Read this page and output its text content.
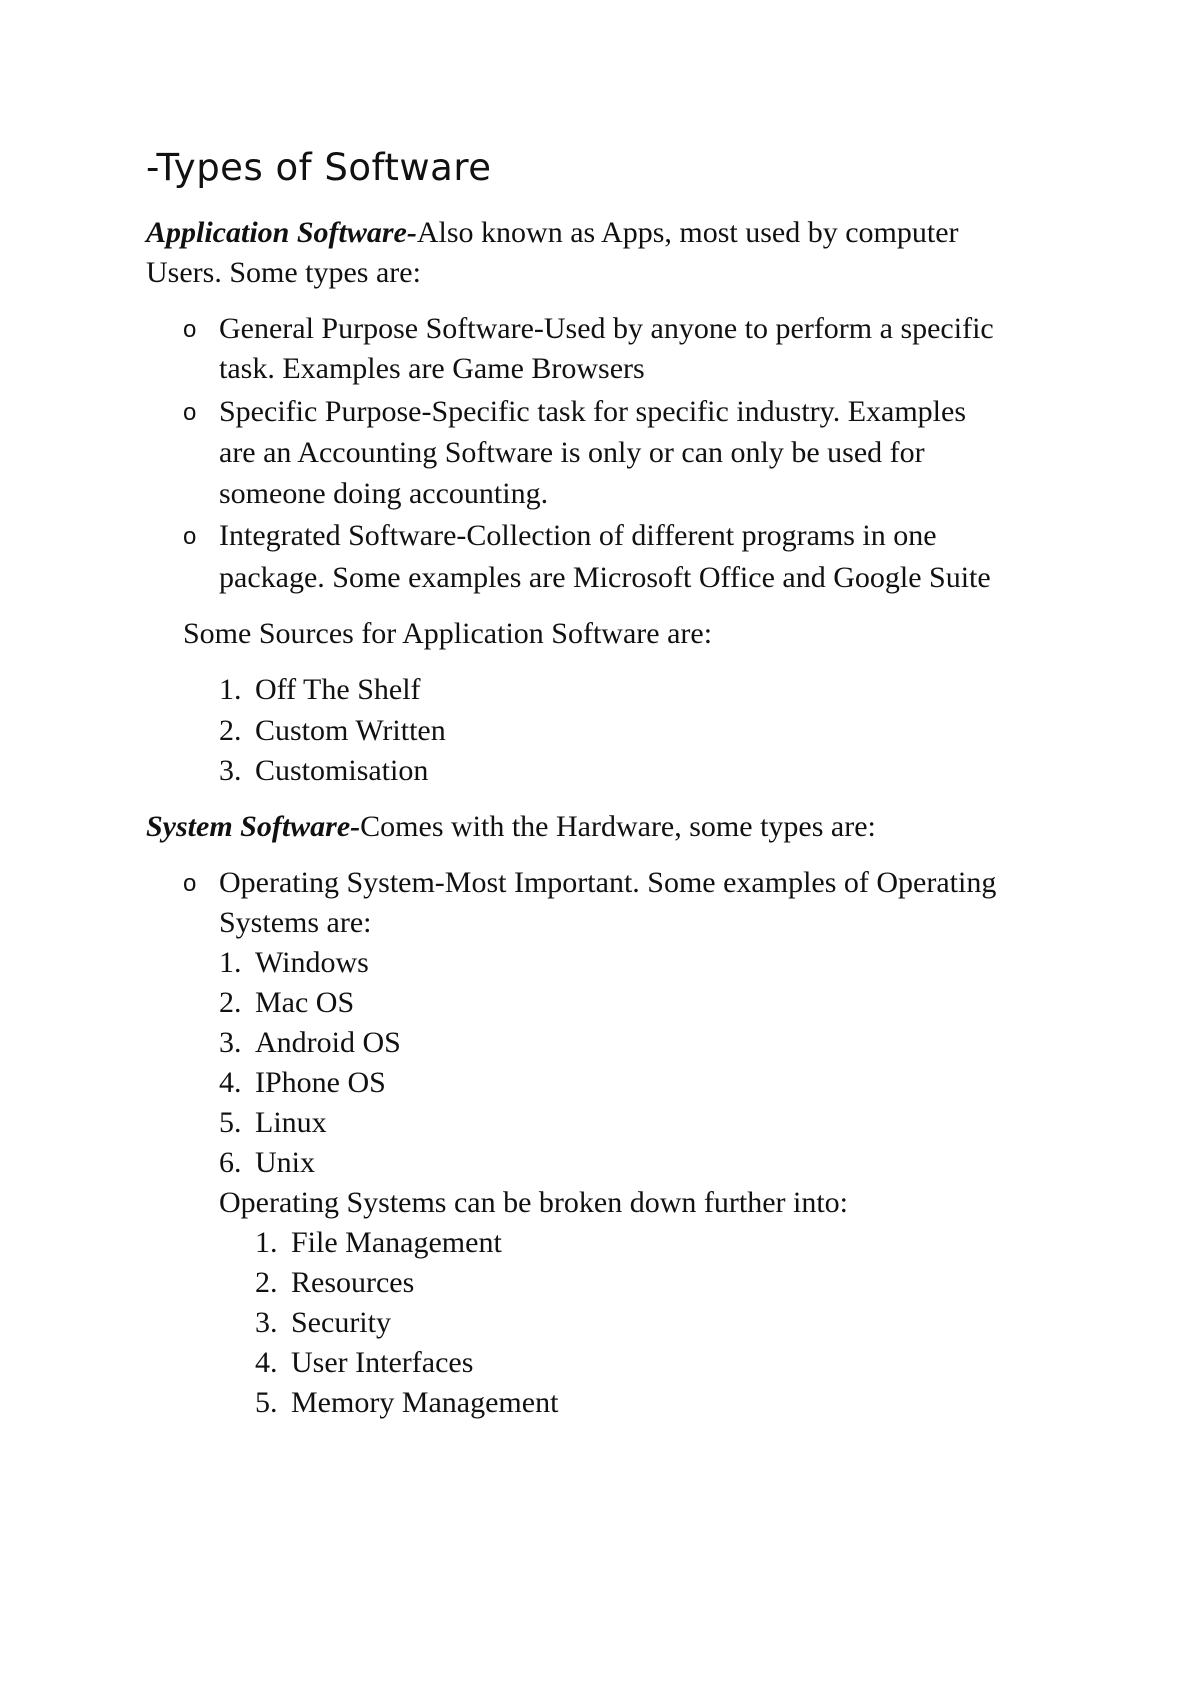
-Types of Software
Application Software-Also known as Apps, most used by computer
Users. Some types are:
o General Purpose Software-Used by anyone to perform a specific
task. Examples are Game Browsers
o Specific Purpose-Specific task for specific industry. Examples
are an Accounting Software is only or can only be used for
someone doing accounting.
o Integrated Software-Collection of different programs in one
package. Some examples are Microsoft Office and Google Suite
Some Sources for Application Software are:
1. Off The Shelf
2. Custom Written
3. Customisation
System Software-Comes with the Hardware, some types are:
o Operating System-Most Important. Some examples of Operating
Systems are:
1. Windows
2. Mac OS
3. Android OS
4. IPhone OS
5. Linux
6. Unix
Operating Systems can be broken down further into:
1. File Management
2. Resources
3. Security
4. User Interfaces
5. Memory Management
